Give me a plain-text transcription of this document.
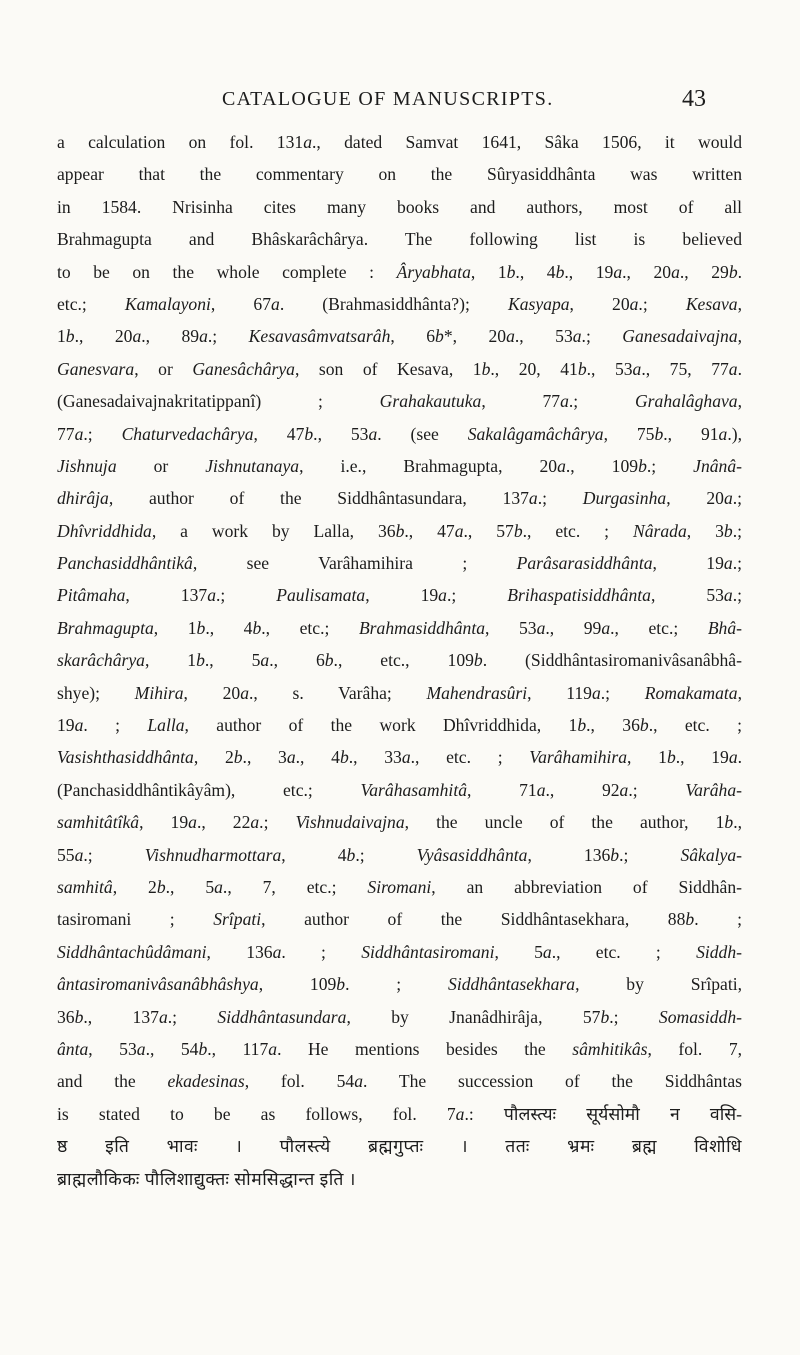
CATALOGUE OF MANUSCRIPTS.	43
a calculation on fol. 131a., dated Samvat 1641, Sâka 1506, it would
appear that the commentary on the Sûryasiddhânta was written
in 1584. Nrisinha cites many books and authors, most of all
Brahmagupta and Bhâskarâchârya. The following list is believed
to be on the whole complete : Âryabhata, 1b., 4b., 19a., 20a., 29b.
etc.; Kamalayoni, 67a. (Brahmasiddhânta?); Kasyapa, 20a.; Kesava,
1b., 20a., 89a.; Kesavasâmvatsarâh, 6b*, 20a., 53a.; Ganesadaivajna,
Ganesvara, or Ganesâchârya, son of Kesava, 1b., 20, 41b., 53a., 75, 77a.
(Ganesadaivajnakritatippanî) ; Grahakautuka, 77a.; Grahalâghava,
77a.; Chaturvedachârya, 47b., 53a. (see Sakalâgamâchârya, 75b., 91a.),
Jishnuja or Jishnutanaya, i.e., Brahmagupta, 20a., 109b.; Jnânâ-
dhirâja, author of the Siddhântasundara, 137a.; Durgasinha, 20a.;
Dhîvriddhida, a work by Lalla, 36b., 47a., 57b., etc. ; Nârada, 3b.;
Panchasiddhântikâ, see Varâhamihira ; Parâsarasiddhânta, 19a.;
Pitâmaha, 137a.; Paulisamata, 19a.; Brihaspatisiddhânta, 53a.;
Brahmagupta, 1b., 4b., etc.; Brahmasiddhânta, 53a., 99a., etc.; Bhâ-
skarâchârya, 1b., 5a., 6b., etc., 109b. (Siddhântasiromanivâsanâbhâ-
shye); Mihira, 20a., s. Varâha; Mahendrasûri, 119a.; Romakamata,
19a. ; Lalla, author of the work Dhîvriddhida, 1b., 36b., etc. ;
Vasishthasiddhânta, 2b., 3a., 4b., 33a., etc. ; Varâhamihira, 1b., 19a.
(Panchasiddhântikâyâm), etc.; Varâhasamhitâ, 71a., 92a.; Varâha-
samhitâtîkâ, 19a., 22a.; Vishnudaivajna, the uncle of the author, 1b.,
55a.; Vishnudharmottara, 4b.; Vyâsasiddhânta, 136b.; Sâkalya-
samhitâ, 2b., 5a., 7, etc.; Siromani, an abbreviation of Siddhân-
tasiromani ; Srîpati, author of the Siddhântasekhara, 88b. ;
Siddhântachûdâmani, 136a. ; Siddhântasiromani, 5a., etc. ; Siddh-
ântasiromanivâsanâbhâshya, 109b. ; Siddhântasekhara, by Srîpati,
36b., 137a.; Siddhântasundara, by Jnanâdhirâja, 57b.; Somasiddh-
ânta, 53a., 54b., 117a. He mentions besides the sâmhitikâs, fol. 7,
and the ekadesinas, fol. 54a. The succession of the Siddhântas
is stated to be as follows, fol. 7a.: पौलस्त्यः सूर्यसोमौ न वसि-
ष्ठ इति भावः । पौलस्त्ये ब्रह्मगुप्तः । ततः भ्रमः ब्रह्म विशोधि
ब्राह्मलौकिकः पौलिशाद्युक्तः सोमसिद्धान्त इति ।
